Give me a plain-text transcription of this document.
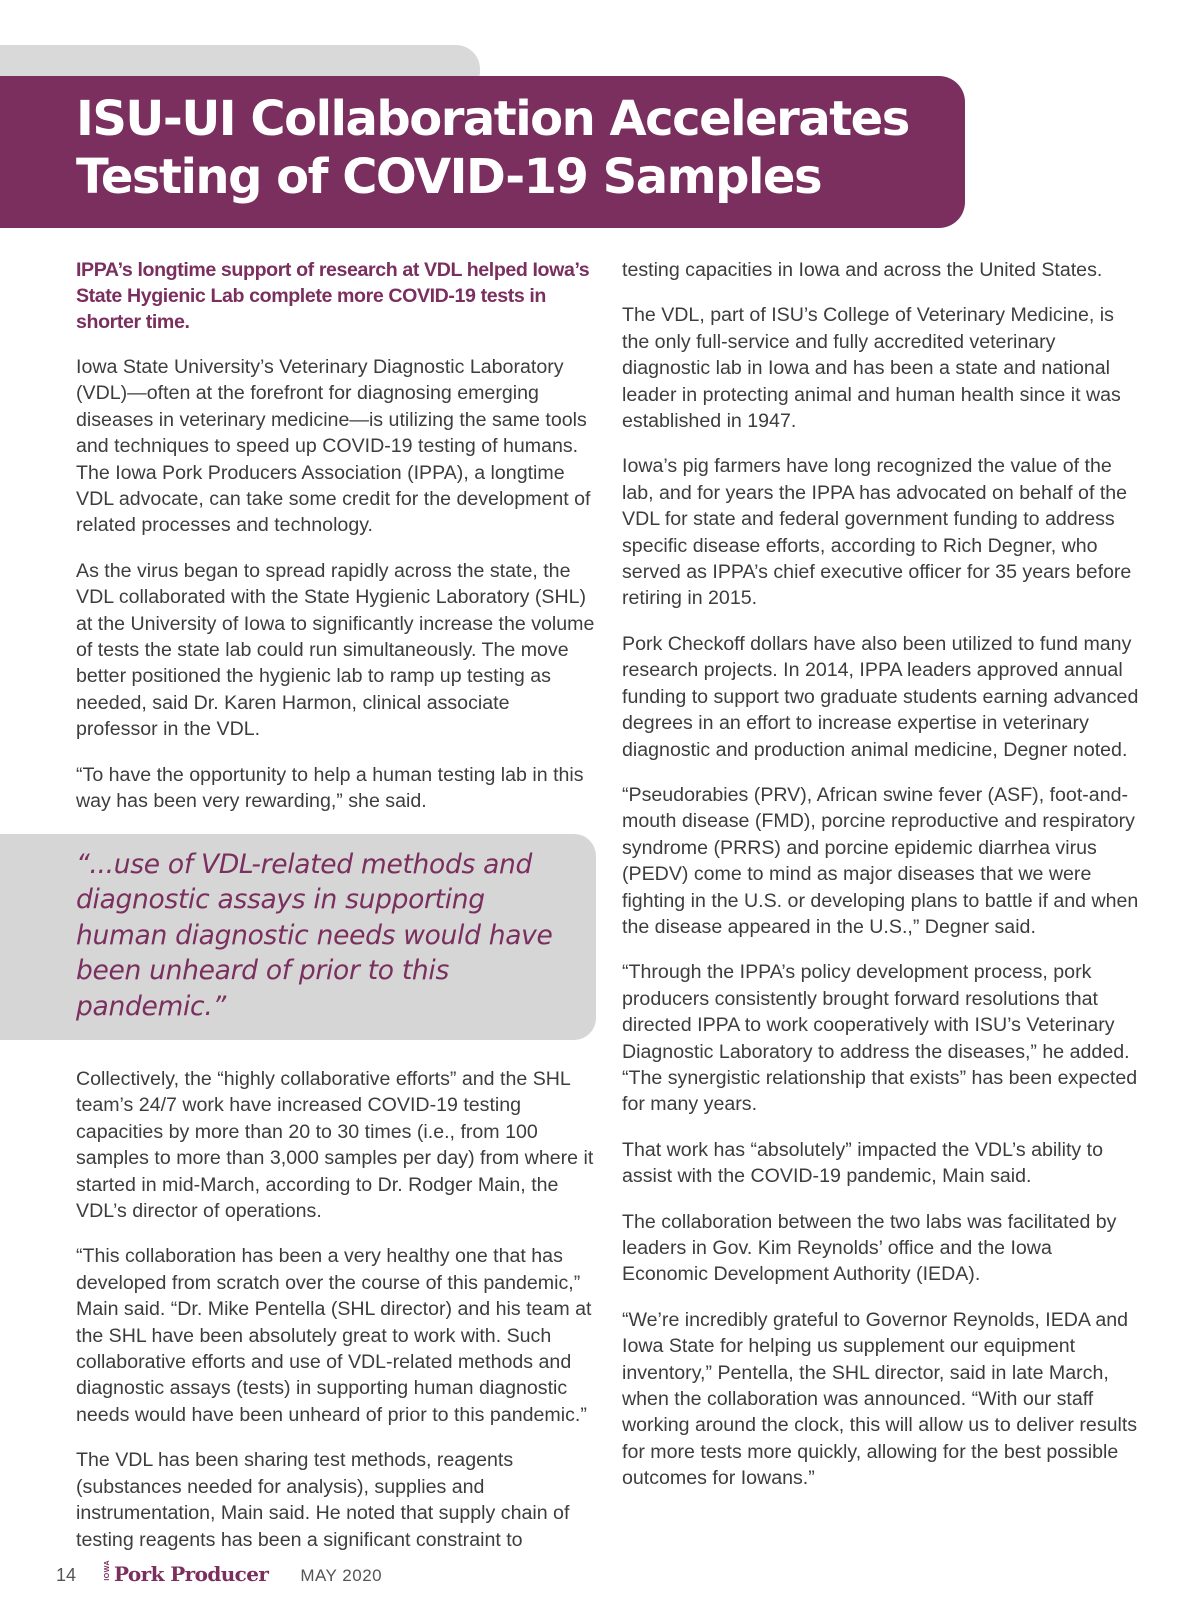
ISU-UI Collaboration Accelerates
Testing of COVID-19 Samples

IPPA’s longtime support of research at VDL helped Iowa’s State Hygienic Lab complete more COVID-19 tests in shorter time.

Iowa State University’s Veterinary Diagnostic Laboratory (VDL)—often at the forefront for diagnosing emerging diseases in veterinary medicine—is utilizing the same tools and techniques to speed up COVID-19 testing of humans. The Iowa Pork Producers Association (IPPA), a longtime VDL advocate, can take some credit for the development of related processes and technology.

As the virus began to spread rapidly across the state, the VDL collaborated with the State Hygienic Laboratory (SHL) at the University of Iowa to significantly increase the volume of tests the state lab could run simultaneously. The move better positioned the hygienic lab to ramp up testing as needed, said Dr. Karen Harmon, clinical associate professor in the VDL.

“To have the opportunity to help a human testing lab in this way has been very rewarding,” she said.

“...use of VDL-related methods and diagnostic assays in supporting human diagnostic needs would have been unheard of prior to this pandemic.”

Collectively, the “highly collaborative efforts” and the SHL team’s 24/7 work have increased COVID-19 testing capacities by more than 20 to 30 times (i.e., from 100 samples to more than 3,000 samples per day) from where it started in mid-March, according to Dr. Rodger Main, the VDL’s director of operations.

“This collaboration has been a very healthy one that has developed from scratch over the course of this pandemic,” Main said. “Dr. Mike Pentella (SHL director) and his team at the SHL have been absolutely great to work with. Such collaborative efforts and use of VDL-related methods and diagnostic assays (tests) in supporting human diagnostic needs would have been unheard of prior to this pandemic.”

The VDL has been sharing test methods, reagents (substances needed for analysis), supplies and instrumentation, Main said. He noted that supply chain of testing reagents has been a significant constraint to

testing capacities in Iowa and across the United States.

The VDL, part of ISU’s College of Veterinary Medicine, is the only full-service and fully accredited veterinary diagnostic lab in Iowa and has been a state and national leader in protecting animal and human health since it was established in 1947.

Iowa’s pig farmers have long recognized the value of the lab, and for years the IPPA has advocated on behalf of the VDL for state and federal government funding to address specific disease efforts, according to Rich Degner, who served as IPPA’s chief executive officer for 35 years before retiring in 2015.

Pork Checkoff dollars have also been utilized to fund many research projects. In 2014, IPPA leaders approved annual funding to support two graduate students earning advanced degrees in an effort to increase expertise in veterinary diagnostic and production animal medicine, Degner noted.

“Pseudorabies (PRV), African swine fever (ASF), foot-and-mouth disease (FMD), porcine reproductive and respiratory syndrome (PRRS) and porcine epidemic diarrhea virus (PEDV) come to mind as major diseases that we were fighting in the U.S. or developing plans to battle if and when the disease appeared in the U.S.,” Degner said.

“Through the IPPA’s policy development process, pork producers consistently brought forward resolutions that directed IPPA to work cooperatively with ISU’s Veterinary Diagnostic Laboratory to address the diseases,” he added. “The synergistic relationship that exists” has been expected for many years.

That work has “absolutely” impacted the VDL’s ability to assist with the COVID-19 pandemic, Main said.

The collaboration between the two labs was facilitated by leaders in Gov. Kim Reynolds’ office and the Iowa Economic Development Authority (IEDA).

“We’re incredibly grateful to Governor Reynolds, IEDA and Iowa State for helping us supplement our equipment inventory,” Pentella, the SHL director, said in late March, when the collaboration was announced. “With our staff working around the clock, this will allow us to deliver results for more tests more quickly, allowing for the best possible outcomes for Iowans.”

14	IOWA Pork Producer MAY 2020
